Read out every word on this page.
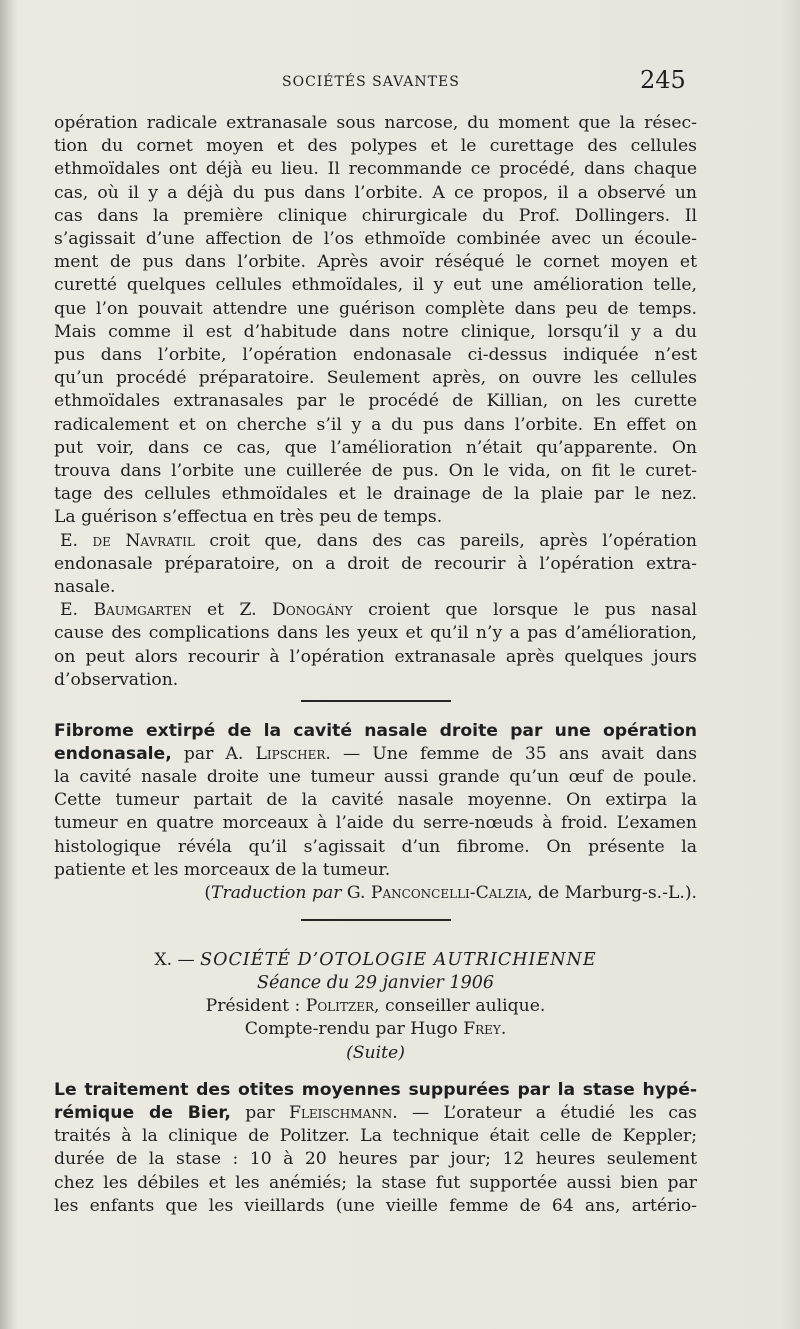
SOCIÉTÉS SAVANTES	245
opération radicale extranasale sous narcose, du moment que la résec-
tion du cornet moyen et des polypes et le curettage des cellules
ethmoïdales ont déjà eu lieu. Il recommande ce procédé, dans chaque
cas, où il y a déjà du pus dans l’orbite. A ce propos, il a observé un
cas dans la première clinique chirurgicale du Prof. Dollingers. Il
s’agissait d’une affection de l’os ethmoïde combinée avec un écoule-
ment de pus dans l’orbite. Après avoir réséqué le cornet moyen et
curetté quelques cellules ethmoïdales, il y eut une amélioration telle,
que l’on pouvait attendre une guérison complète dans peu de temps.
Mais comme il est d’habitude dans notre clinique, lorsqu’il y a du
pus dans l’orbite, l’opération endonasale ci-dessus indiquée n’est
qu’un procédé préparatoire. Seulement après, on ouvre les cellules
ethmoïdales extranasales par le procédé de Killian, on les curette
radicalement et on cherche s’il y a du pus dans l’orbite. En effet on
put voir, dans ce cas, que l’amélioration n’était qu’apparente. On
trouva dans l’orbite une cuillerée de pus. On le vida, on fit le curet-
tage des cellules ethmoïdales et le drainage de la plaie par le nez.
La guérison s’effectua en très peu de temps.
E. de Navratil croit que, dans des cas pareils, après l’opération
endonasale préparatoire, on a droit de recourir à l’opération extra-
nasale.
E. Baumgarten et Z. Donogány croient que lorsque le pus nasal
cause des complications dans les yeux et qu’il n’y a pas d’amélioration,
on peut alors recourir à l’opération extranasale après quelques jours
d’observation.
Fibrome extirpé de la cavité nasale droite par une opération
endonasale, par A. Lipscher. — Une femme de 35 ans avait dans
la cavité nasale droite une tumeur aussi grande qu’un œuf de poule.
Cette tumeur partait de la cavité nasale moyenne. On extirpa la
tumeur en quatre morceaux à l’aide du serre-nœuds à froid. L’examen
histologique révéla qu’il s’agissait d’un fibrome. On présente la
patiente et les morceaux de la tumeur.
(Traduction par G. Panconcelli-Calzia, de Marburg-s.-L.).
X. — SOCIÉTÉ D’OTOLOGIE AUTRICHIENNE
Séance du 29 janvier 1906
Président : Politzer, conseiller aulique.
Compte-rendu par Hugo Frey.
(Suite)
Le traitement des otites moyennes suppurées par la stase hypé-
rémique de Bier, par Fleischmann. — L’orateur a étudié les cas
traités à la clinique de Politzer. La technique était celle de Keppler;
durée de la stase : 10 à 20 heures par jour; 12 heures seulement
chez les débiles et les anémiés; la stase fut supportée aussi bien par
les enfants que les vieillards (une vieille femme de 64 ans, artério-
